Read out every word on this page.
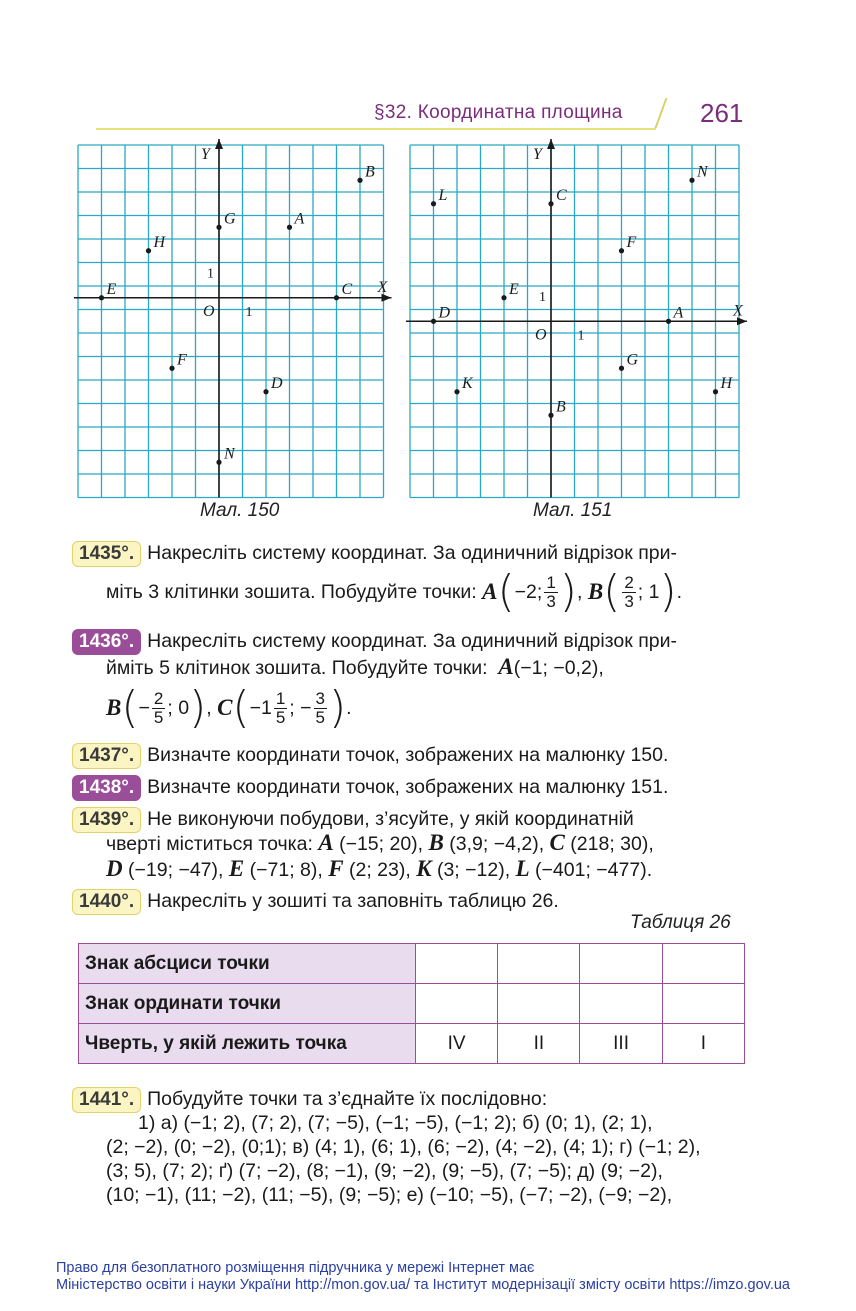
§32. Координатна площина	261
X
Y
O 1
1
A
B
C
D
E
F
G
H
N
X
Y
O 1
1
A
B
C
D
E
F
G
H
K
L
N
Мал. 150	Мал. 151
1435°. Накресліть систему координат. За одиничний відрізок при-
міть 3 клітинки зошита. Побудуйте точки:
A ( −2; $\frac{1}{3}$ ) ,
B ( $\frac{2}{3}$ ; 1 ) .
1436°. Накресліть систему координат. За одиничний відрізок при-
йміть 5 клітинок зошита. Побудуйте точки: A(−1; −0,2),
B ( − $\frac{2}{5}$ ; 0 ) ,
C ( $-1 \frac{1}{5}$ ; − $\frac{3}{5}$ ) .
1437°. Визначте координати точок, зображених на малюнку 150.
1438°. Визначте координати точок, зображених на малюнку 151.
1439°. Не виконуючи побудови, з’ясуйте, у якій координатній
чверті міститься точка: A (−15; 20), B (3,9; −4,2), C (218; 30),
D (−19; −47), E (−71; 8), F (2; 23), K (3; −12), L (−401; −477).
1440°. Накресліть у зошиті та заповніть таблицю 26.
Таблиця 26
Знак абсциси точки				
Знак ординати точки				
Чверть, у якій лежить точка	IV	II	III	I
1441°. Побудуйте точки та з’єднайте їх послідовно:
1) а) (−1; 2), (7; 2), (7; −5), (−1; −5), (−1; 2); б) (0; 1), (2; 1),
(2; −2), (0; −2), (0;1); в) (4; 1), (6; 1), (6; −2), (4; −2), (4; 1); г) (−1; 2),
(3; 5), (7; 2); ґ) (7; −2), (8; −1), (9; −2), (9; −5), (7; −5); д) (9; −2),
(10; −1), (11; −2), (11; −5), (9; −5); е) (−10; −5), (−7; −2), (−9; −2),
Право для безоплатного розміщення підручника у мережі Інтернет має
Міністерство освіти і науки України http://mon.gov.ua/ та Інститут модернізації змісту освіти https://imzo.gov.ua
